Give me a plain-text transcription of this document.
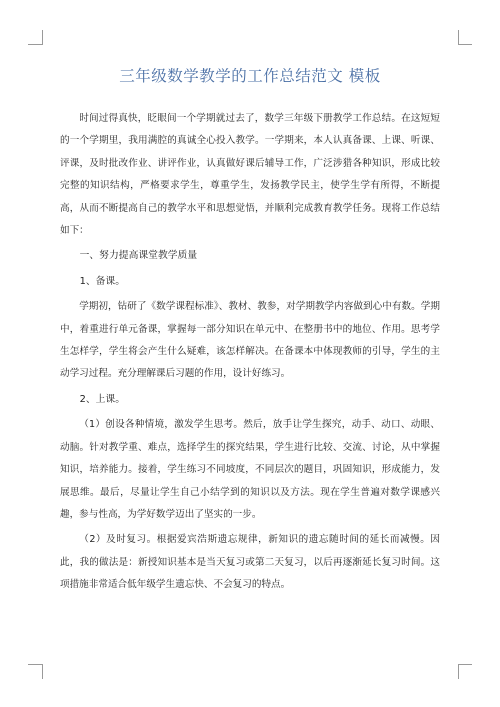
三年级数学教学的工作总结范文 模板

时间过得真快，眨眼间一个学期就过去了，数学三年级下册教学工作总结。在这短短的一个学期里，我用满腔的真诚全心投入教学。一学期来，本人认真备课、上课、听课、评课，及时批改作业、讲评作业，认真做好课后辅导工作，广泛涉猎各种知识，形成比较完整的知识结构，严格要求学生，尊重学生，发扬教学民主，使学生学有所得，不断提高，从而不断提高自己的教学水平和思想觉悟，并顺利完成教育教学任务。现将工作总结如下：

一、努力提高课堂教学质量

1、备课。

学期初，钻研了《数学课程标准》、教材、教参，对学期教学内容做到心中有数。学期中，着重进行单元备课，掌握每一部分知识在单元中、在整册书中的地位、作用。思考学生怎样学，学生将会产生什么疑难，该怎样解决。在备课本中体现教师的引导，学生的主动学习过程。充分理解课后习题的作用，设计好练习。

2、上课。

（1）创设各种情境，激发学生思考。然后，放手让学生探究，动手、动口、动眼、动脑。针对教学重、难点，选择学生的探究结果，学生进行比较、交流、讨论，从中掌握知识，培养能力。接着，学生练习不同坡度，不同层次的题目，巩固知识，形成能力，发展思维。最后，尽量让学生自己小结学到的知识以及方法。现在学生普遍对数学课感兴趣，参与性高，为学好数学迈出了坚实的一步。

（2）及时复习。根据爱宾浩斯遗忘规律，新知识的遗忘随时间的延长而减慢。因此，我的做法是：新授知识基本是当天复习或第二天复习，以后再逐渐延长复习时间。这项措施非常适合低年级学生遗忘快、不会复习的特点。
